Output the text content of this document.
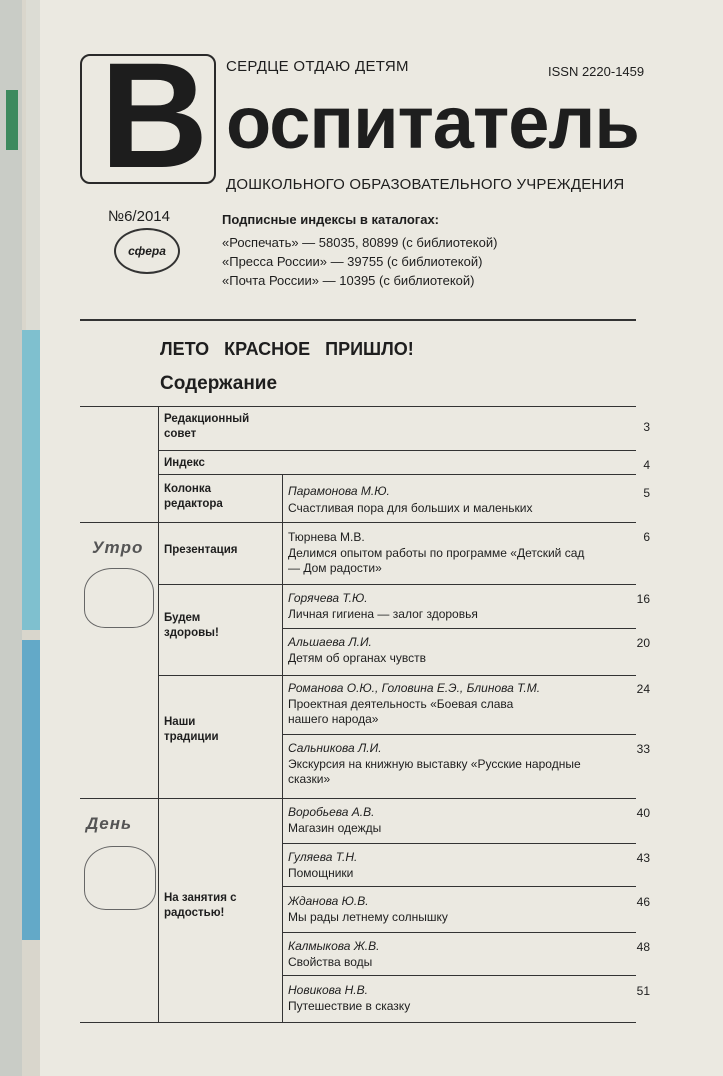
В СЕРДЦЕ ОТДАЮ ДЕТЯМ	ISSN 2220-1459
оспитатель
ДОШКОЛЬНОГО ОБРАЗОВАТЕЛЬНОГО УЧРЕЖДЕНИЯ
№6/2014
сфера
Подписные индексы в каталогах:
«Роспечать» — 58035, 80899 (с библиотекой)
«Пресса России» — 39755 (с библиотекой)
«Почта России» — 10395 (с библиотекой)
ЛЕТО КРАСНОЕ ПРИШЛО!
Содержание
Утро
День
Редакционный совет
Индекс
Колонка редактора
Презентация
Будем здоровы!
Наши традиции
На занятия с радостью!
3
4
Парамонова М.Ю.
Счастливая пора для больших и маленьких
5
Тюрнева М.В.
Делимся опытом работы по программе «Детский сад — Дом радости»
6
Горячева Т.Ю.
Личная гигиена — залог здоровья
16
Альшаева Л.И.
Детям об органах чувств
20
Романова О.Ю., Головина Е.Э., Блинова Т.М.
Проектная деятельность «Боевая слава нашего народа»
24
Сальникова Л.И.
Экскурсия на книжную выставку «Русские народные сказки»
33
Воробьева А.В.
Магазин одежды
40
Гуляева Т.Н.
Помощники
43
Жданова Ю.В.
Мы рады летнему солнышку
46
Калмыкова Ж.В.
Свойства воды
48
Новикова Н.В.
Путешествие в сказку
51
